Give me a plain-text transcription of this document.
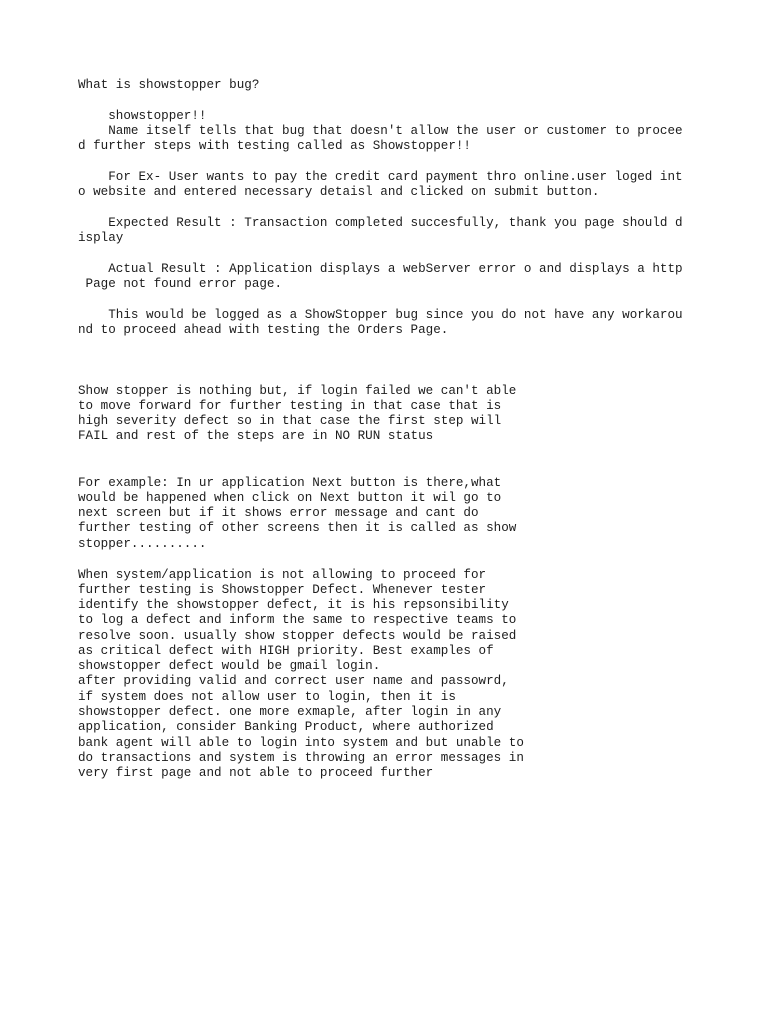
What is showstopper bug?

showstopper!!

Name itself tells that bug that doesn't allow the user or customer to procee

d further steps with testing called as Showstopper!!

For Ex- User wants to pay the credit card payment thro online.user loged int

o website and entered necessary detaisl and clicked on submit button.

Expected Result : Transaction completed succesfully, thank you page should d

isplay

Actual Result : Application displays a webServer error o and displays a http

Page not found error page.

This would be logged as a ShowStopper bug since you do not have any workarou

nd to proceed ahead with testing the Orders Page.

Show stopper is nothing but, if login failed we can't able

to move forward for further testing in that case that is

high severity defect so in that case the first step will

FAIL and rest of the steps are in NO RUN status

For example: In ur application Next button is there,what

would be happened when click on Next button it wil go to

next screen but if it shows error message and cant do

further testing of other screens then it is called as show

stopper..........

When system/application is not allowing to proceed for

further testing is Showstopper Defect. Whenever tester

identify the showstopper defect, it is his repsonsibility

to log a defect and inform the same to respective teams to

resolve soon. usually show stopper defects would be raised

as critical defect with HIGH priority. Best examples of

showstopper defect would be gmail login.

after providing valid and correct user name and passowrd,

if system does not allow user to login, then it is

showstopper defect. one more exmaple, after login in any

application, consider Banking Product, where authorized

bank agent will able to login into system and but unable to

do transactions and system is throwing an error messages in

very first page and not able to proceed further
